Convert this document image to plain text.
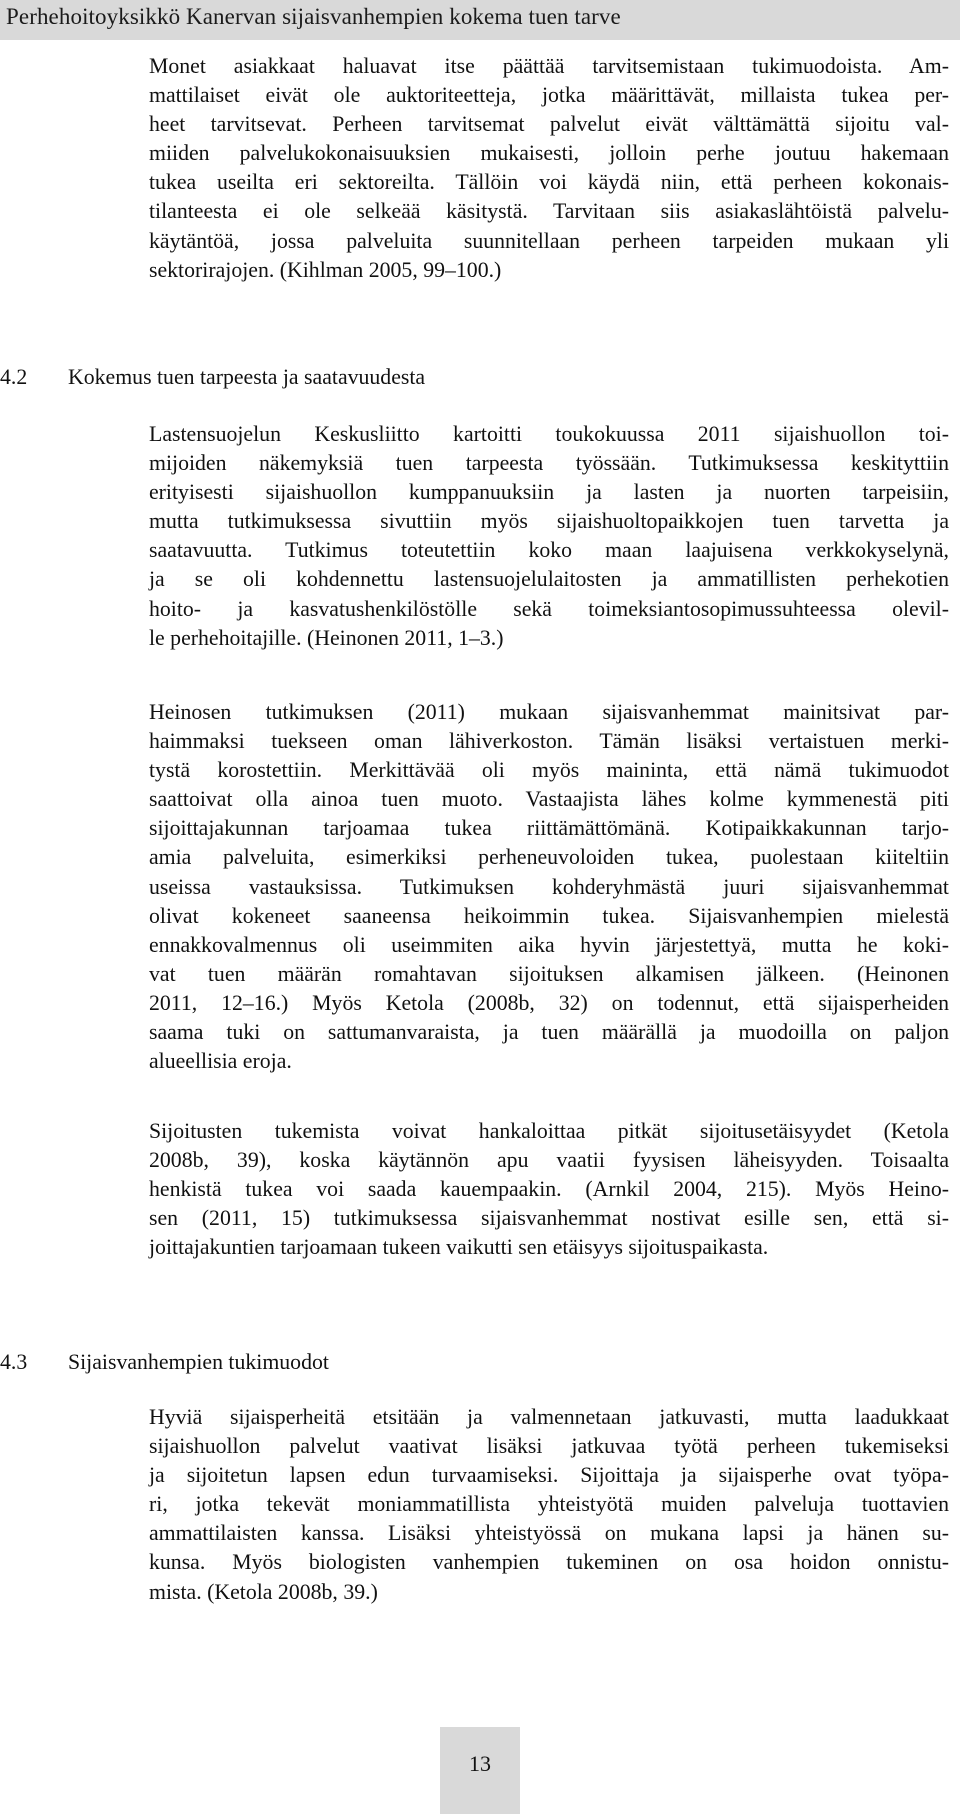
Perhehoitoyksikkö Kanervan sijaisvanhempien kokema tuen tarve
Monet asiakkaat haluavat itse päättää tarvitsemistaan tukimuodoista. Am-
mattilaiset eivät ole auktoriteetteja, jotka määrittävät, millaista tukea per-
heet tarvitsevat. Perheen tarvitsemat palvelut eivät välttämättä sijoitu val-
miiden palvelukokonaisuuksien mukaisesti, jolloin perhe joutuu hakemaan
tukea useilta eri sektoreilta. Tällöin voi käydä niin, että perheen kokonais-
tilanteesta ei ole selkeää käsitystä. Tarvitaan siis asiakaslähtöistä palvelu-
käytäntöä, jossa palveluita suunnitellaan perheen tarpeiden mukaan yli
sektorirajojen. (Kihlman 2005, 99–100.)
4.2 Kokemus tuen tarpeesta ja saatavuudesta
Lastensuojelun Keskusliitto kartoitti toukokuussa 2011 sijaishuollon toi-
mijoiden näkemyksiä tuen tarpeesta työssään. Tutkimuksessa keskityttiin
erityisesti sijaishuollon kumppanuuksiin ja lasten ja nuorten tarpeisiin,
mutta tutkimuksessa sivuttiin myös sijaishuoltopaikkojen tuen tarvetta ja
saatavuutta. Tutkimus toteutettiin koko maan laajuisena verkkokyselynä,
ja se oli kohdennettu lastensuojelulaitosten ja ammatillisten perhekotien
hoito- ja kasvatushenkilöstölle sekä toimeksiantosopimussuhteessa olevil-
le perhehoitajille. (Heinonen 2011, 1–3.)
Heinosen tutkimuksen (2011) mukaan sijaisvanhemmat mainitsivat par-
haimmaksi tuekseen oman lähiverkoston. Tämän lisäksi vertaistuen merki-
tystä korostettiin. Merkittävää oli myös maininta, että nämä tukimuodot
saattoivat olla ainoa tuen muoto. Vastaajista lähes kolme kymmenestä piti
sijoittajakunnan tarjoamaa tukea riittämättömänä. Kotipaikkakunnan tarjo-
amia palveluita, esimerkiksi perheneuvoloiden tukea, puolestaan kiiteltiin
useissa vastauksissa. Tutkimuksen kohderyhmästä juuri sijaisvanhemmat
olivat kokeneet saaneensa heikoimmin tukea. Sijaisvanhempien mielestä
ennakkovalmennus oli useimmiten aika hyvin järjestettyä, mutta he koki-
vat tuen määrän romahtavan sijoituksen alkamisen jälkeen. (Heinonen
2011, 12–16.) Myös Ketola (2008b, 32) on todennut, että sijaisperheiden
saama tuki on sattumanvaraista, ja tuen määrällä ja muodoilla on paljon
alueellisia eroja.
Sijoitusten tukemista voivat hankaloittaa pitkät sijoitusetäisyydet (Ketola
2008b, 39), koska käytännön apu vaatii fyysisen läheisyyden. Toisaalta
henkistä tukea voi saada kauempaakin. (Arnkil 2004, 215). Myös Heino-
sen (2011, 15) tutkimuksessa sijaisvanhemmat nostivat esille sen, että si-
joittajakuntien tarjoamaan tukeen vaikutti sen etäisyys sijoituspaikasta.
4.3 Sijaisvanhempien tukimuodot
Hyviä sijaisperheitä etsitään ja valmennetaan jatkuvasti, mutta laadukkaat
sijaishuollon palvelut vaativat lisäksi jatkuvaa työtä perheen tukemiseksi
ja sijoitetun lapsen edun turvaamiseksi. Sijoittaja ja sijaisperhe ovat työpa-
ri, jotka tekevät moniammatillista yhteistyötä muiden palveluja tuottavien
ammattilaisten kanssa. Lisäksi yhteistyössä on mukana lapsi ja hänen su-
kunsa. Myös biologisten vanhempien tukeminen on osa hoidon onnistu-
mista. (Ketola 2008b, 39.)
13
